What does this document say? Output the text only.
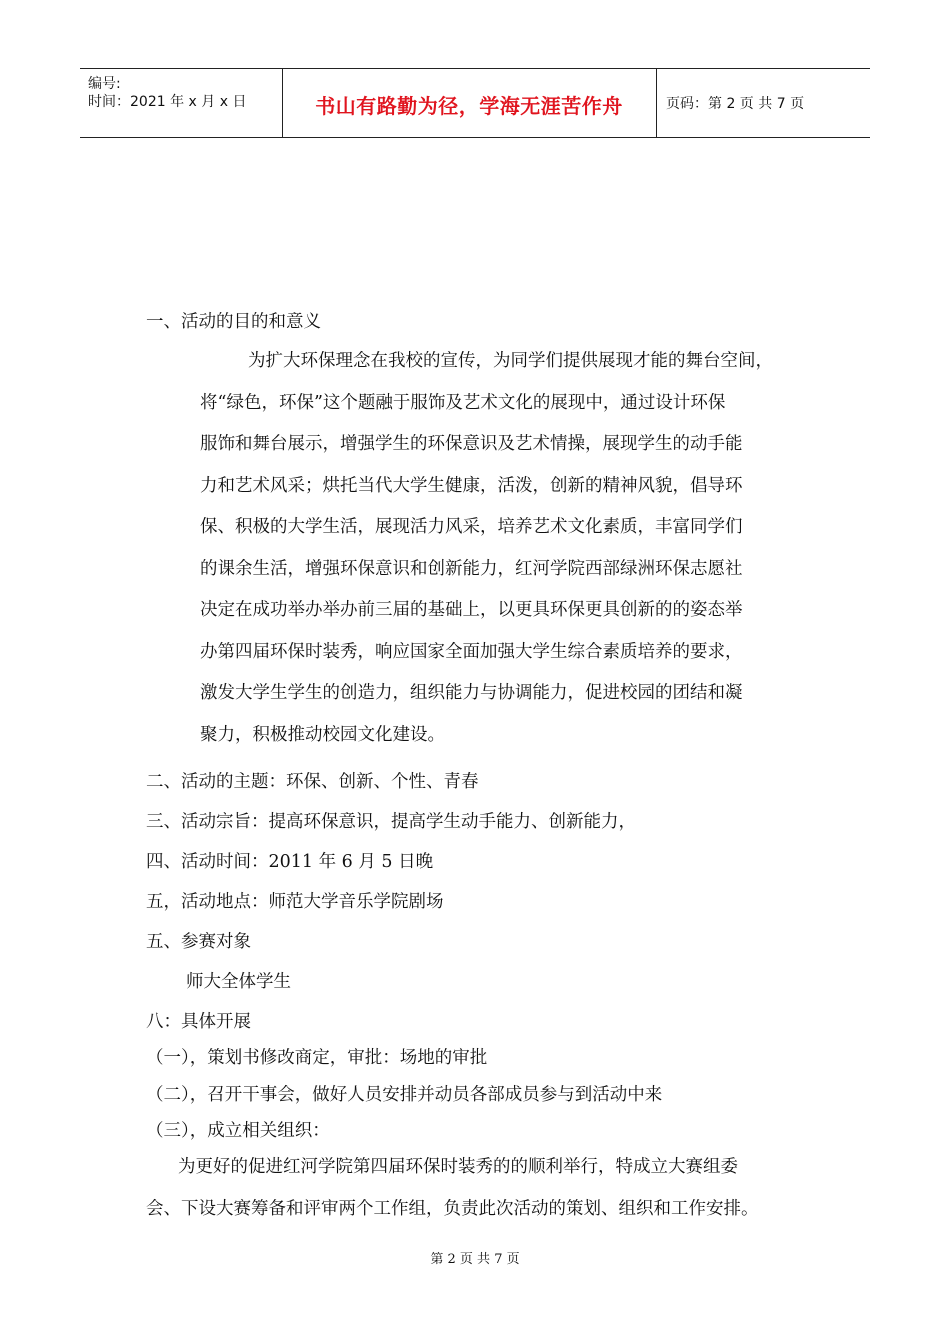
编号:
时间：2021 年 x 月 x 日	书山有路勤为径，学海无涯苦作舟	页码：第 2 页 共 7 页
一、活动的目的和意义
为扩大环保理念在我校的宣传，为同学们提供展现才能的舞台空间，
将“绿色，环保”这个题融于服饰及艺术文化的展现中，通过设计环保
服饰和舞台展示，增强学生的环保意识及艺术情操，展现学生的动手能
力和艺术风采；烘托当代大学生健康，活泼，创新的精神风貌，倡导环
保、积极的大学生活，展现活力风采，培养艺术文化素质，丰富同学们
的课余生活，增强环保意识和创新能力，红河学院西部绿洲环保志愿社
决定在成功举办举办前三届的基础上，以更具环保更具创新的的姿态举
办第四届环保时装秀，响应国家全面加强大学生综合素质培养的要求，
激发大学生学生的创造力，组织能力与协调能力，促进校园的团结和凝
聚力，积极推动校园文化建设。
二、活动的主题：环保、创新、个性、青春
三、活动宗旨：提高环保意识，提高学生动手能力、创新能力，
四、活动时间：2011 年 6 月 5 日晚
五，活动地点：师范大学音乐学院剧场
五、参赛对象
师大全体学生
八：具体开展
（一），策划书修改商定，审批：场地的审批
（二），召开干事会，做好人员安排并动员各部成员参与到活动中来
（三），成立相关组织：
为更好的促进红河学院第四届环保时装秀的的顺利举行，特成立大赛组委
会、下设大赛筹备和评审两个工作组，负责此次活动的策划、组织和工作安排。
第 2 页 共 7 页
